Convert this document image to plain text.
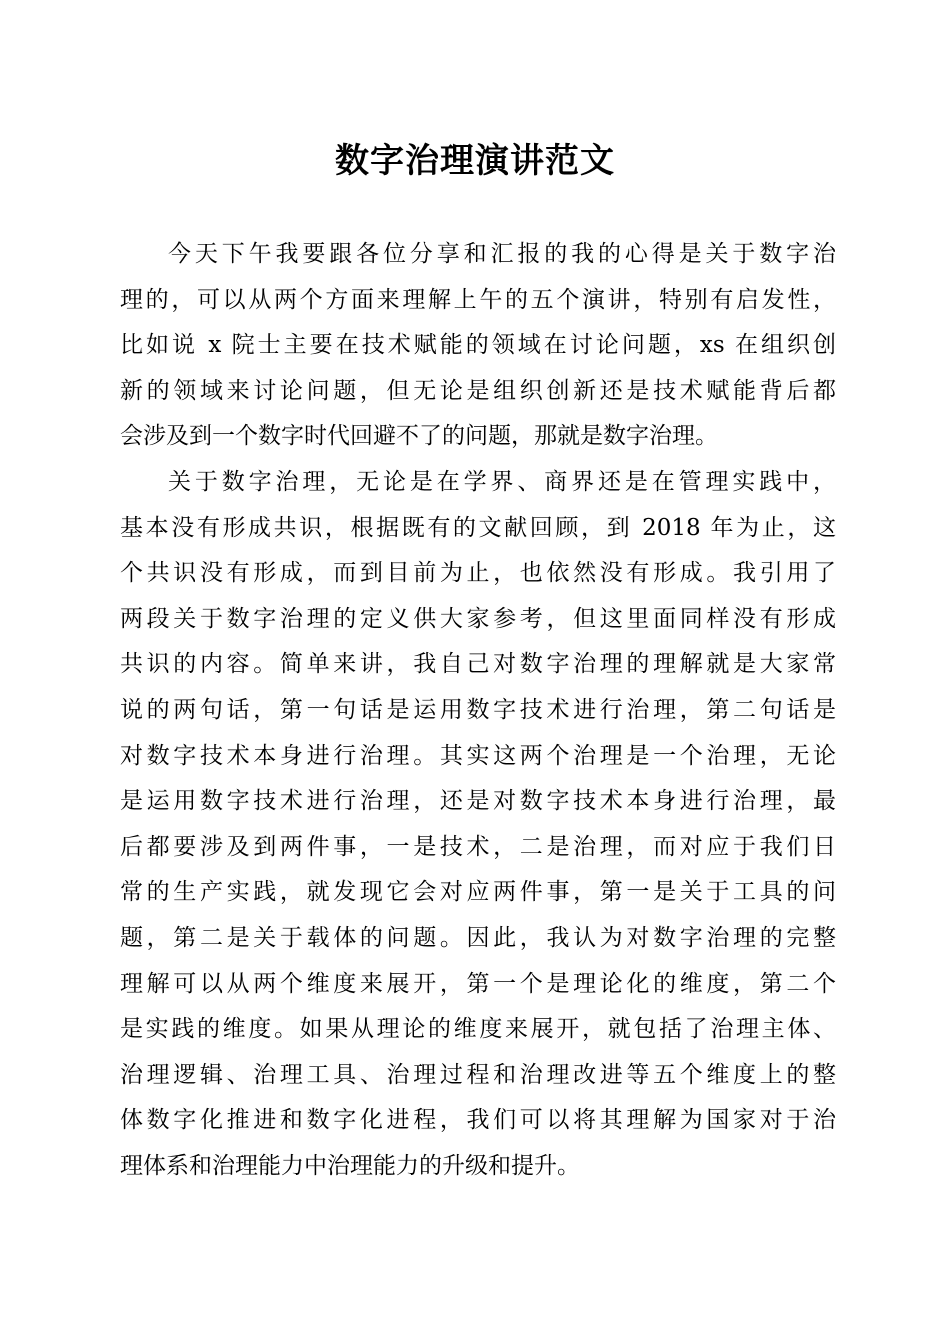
数字治理演讲范文
今天下午我要跟各位分享和汇报的我的心得是关于数字治
理的，可以从两个方面来理解上午的五个演讲，特别有启发性，
比如说 x 院士主要在技术赋能的领域在讨论问题，xs 在组织创
新的领域来讨论问题，但无论是组织创新还是技术赋能背后都
会涉及到一个数字时代回避不了的问题，那就是数字治理。
关于数字治理，无论是在学界、商界还是在管理实践中，
基本没有形成共识，根据既有的文献回顾，到 2018 年为止，这
个共识没有形成，而到目前为止，也依然没有形成。我引用了
两段关于数字治理的定义供大家参考，但这里面同样没有形成
共识的内容。简单来讲，我自己对数字治理的理解就是大家常
说的两句话，第一句话是运用数字技术进行治理，第二句话是
对数字技术本身进行治理。其实这两个治理是一个治理，无论
是运用数字技术进行治理，还是对数字技术本身进行治理，最
后都要涉及到两件事，一是技术，二是治理，而对应于我们日
常的生产实践，就发现它会对应两件事，第一是关于工具的问
题，第二是关于载体的问题。因此，我认为对数字治理的完整
理解可以从两个维度来展开，第一个是理论化的维度，第二个
是实践的维度。如果从理论的维度来展开，就包括了治理主体、
治理逻辑、治理工具、治理过程和治理改进等五个维度上的整
体数字化推进和数字化进程，我们可以将其理解为国家对于治
理体系和治理能力中治理能力的升级和提升。
